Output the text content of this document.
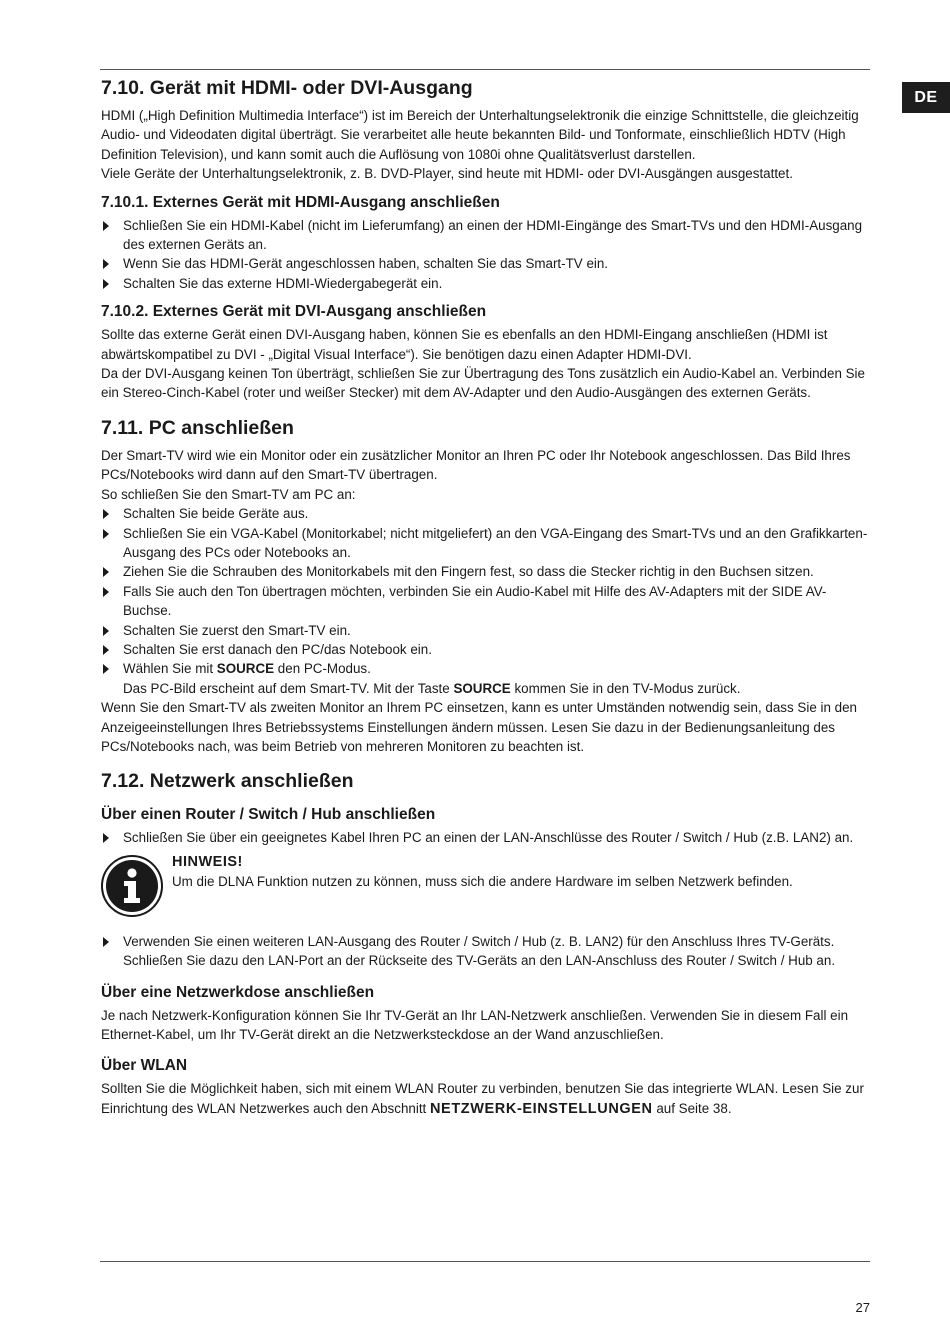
DE
7.10. Gerät mit HDMI- oder DVI-Ausgang

HDMI („High Definition Multimedia Interface“) ist im Bereich der Unterhaltungselektronik die einzige Schnittstelle, die gleichzeitig Audio- und Videodaten digital überträgt. Sie verarbeitet alle heute bekannten Bild- und Tonformate, einschließlich HDTV (High Definition Television), und kann somit auch die Auflösung von 1080i ohne Qualitätsverlust darstellen.

Viele Geräte der Unterhaltungselektronik, z. B. DVD-Player, sind heute mit HDMI- oder DVI-Ausgängen ausgestattet.

7.10.1. Externes Gerät mit HDMI-Ausgang anschließen
Schließen Sie ein HDMI-Kabel (nicht im Lieferumfang) an einen der HDMI-Eingänge des Smart-TVs und den HDMI-Ausgang des externen Geräts an.
Wenn Sie das HDMI-Gerät angeschlossen haben, schalten Sie das Smart-TV ein.
Schalten Sie das externe HDMI-Wiedergabegerät ein.
7.10.2. Externes Gerät mit DVI-Ausgang anschließen

Sollte das externe Gerät einen DVI-Ausgang haben, können Sie es ebenfalls an den HDMI-Eingang anschließen (HDMI ist abwärtskompatibel zu DVI - „Digital Visual Interface“). Sie benötigen dazu einen Adapter HDMI-DVI.

Da der DVI-Ausgang keinen Ton überträgt, schließen Sie zur Übertragung des Tons zusätzlich ein Audio-Kabel an. Verbinden Sie ein Stereo-Cinch-Kabel (roter und weißer Stecker) mit dem AV-Adapter und den Audio-Ausgängen des externen Geräts.

7.11. PC anschließen

Der Smart-TV wird wie ein Monitor oder ein zusätzlicher Monitor an Ihren PC oder Ihr Notebook angeschlossen. Das Bild Ihres PCs/Notebooks wird dann auf den Smart-TV übertragen.

So schließen Sie den Smart-TV am PC an:

Schalten Sie beide Geräte aus.
Schließen Sie ein VGA-Kabel (Monitorkabel; nicht mitgeliefert) an den VGA-Eingang des Smart-TVs und an den Grafikkarten-Ausgang des PCs oder Notebooks an.
Ziehen Sie die Schrauben des Monitorkabels mit den Fingern fest, so dass die Stecker richtig in den Buchsen sitzen.
Falls Sie auch den Ton übertragen möchten, verbinden Sie ein Audio-Kabel mit Hilfe des AV-Adapters mit der SIDE AV-Buchse.
Schalten Sie zuerst den Smart-TV ein.
Schalten Sie erst danach den PC/das Notebook ein.
Wählen Sie mit SOURCE den PC-Modus.
Das PC-Bild erscheint auf dem Smart-TV. Mit der Taste SOURCE kommen Sie in den TV-Modus zurück.

Wenn Sie den Smart-TV als zweiten Monitor an Ihrem PC einsetzen, kann es unter Umständen notwendig sein, dass Sie in den Anzeigeeinstellungen Ihres Betriebssystems Einstellungen ändern müssen. Lesen Sie dazu in der Bedienungsanleitung des PCs/Notebooks nach, was beim Betrieb von mehreren Monitoren zu beachten ist.

7.12. Netzwerk anschließen
Über einen Router / Switch / Hub anschließen
Schließen Sie über ein geeignetes Kabel Ihren PC an einen der LAN-Anschlüsse des Router / Switch / Hub (z.B. LAN2) an.
HINWEIS!
Um die DLNA Funktion nutzen zu können, muss sich die andere Hardware im selben Netzwerk befinden.
Verwenden Sie einen weiteren LAN-Ausgang des Router / Switch / Hub (z. B. LAN2) für den Anschluss Ihres TV-Geräts. Schließen Sie dazu den LAN-Port an der Rückseite des TV-Geräts an den LAN-Anschluss des Router / Switch / Hub an.
Über eine Netzwerkdose anschließen

Je nach Netzwerk-Konfiguration können Sie Ihr TV-Gerät an Ihr LAN-Netzwerk anschließen. Verwenden Sie in diesem Fall ein Ethernet-Kabel, um Ihr TV-Gerät direkt an die Netzwerksteckdose an der Wand anzuschließen.

Über WLAN

Sollten Sie die Möglichkeit haben, sich mit einem WLAN Router zu verbinden, benutzen Sie das integrierte WLAN. Lesen Sie zur Einrichtung des WLAN Netzwerkes auch den Abschnitt NETZWERK-EINSTELLUNGEN auf Seite 38.

27
